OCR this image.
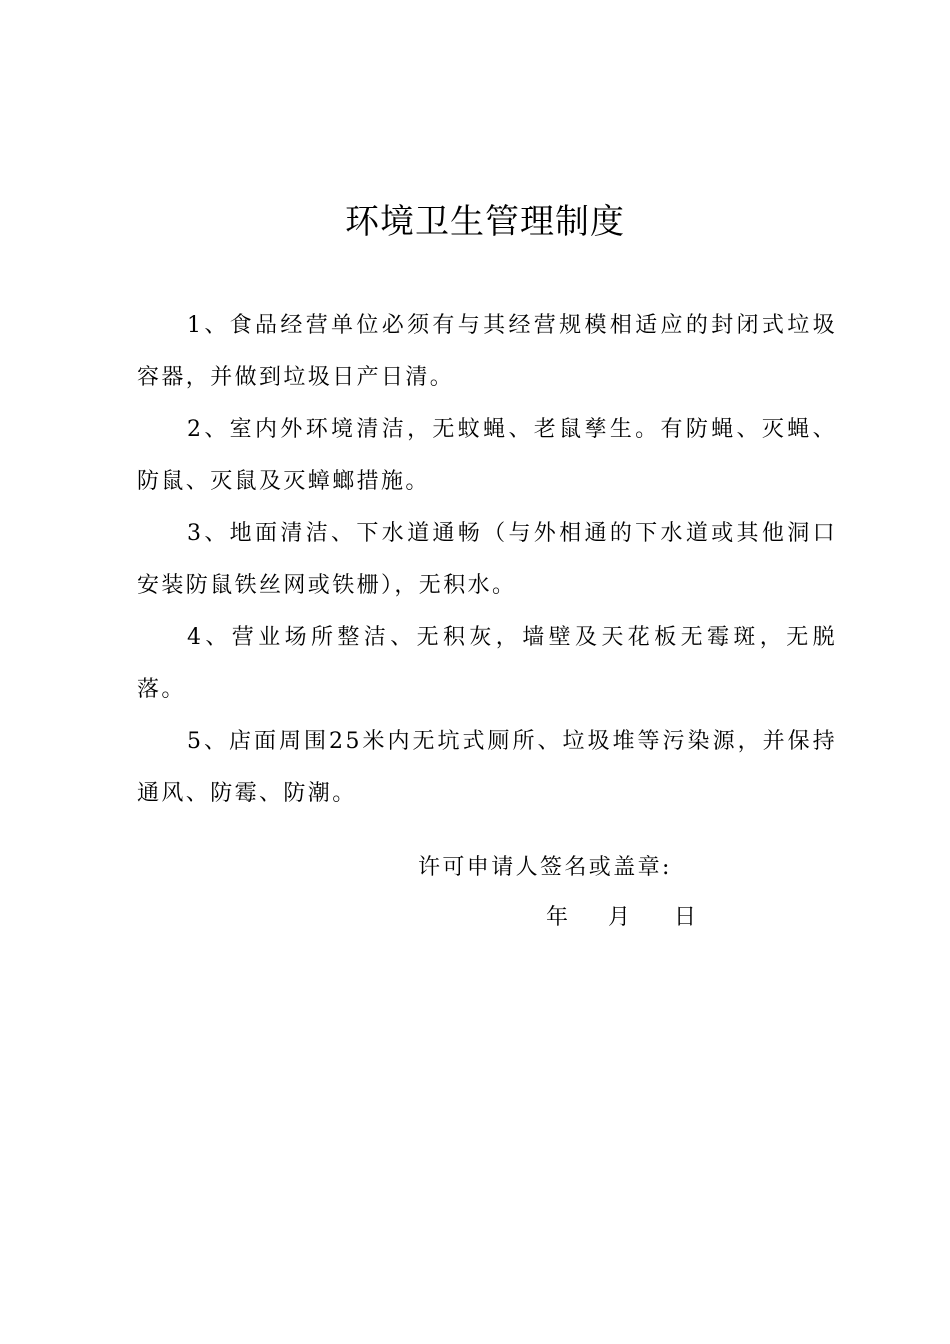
环境卫生管理制度

1、食品经营单位必须有与其经营规模相适应的封闭式垃圾容器，并做到垃圾日产日清。

2、室内外环境清洁，无蚊蝇、老鼠孳生。有防蝇、灭蝇、防鼠、灭鼠及灭蟑螂措施。

3、地面清洁、下水道通畅（与外相通的下水道或其他洞口安装防鼠铁丝网或铁栅），无积水。

4、营业场所整洁、无积灰，墙壁及天花板无霉斑，无脱落。

5、店面周围25米内无坑式厕所、垃圾堆等污染源，并保持通风、防霉、防潮。

许可申请人签名或盖章:
年 月 日
